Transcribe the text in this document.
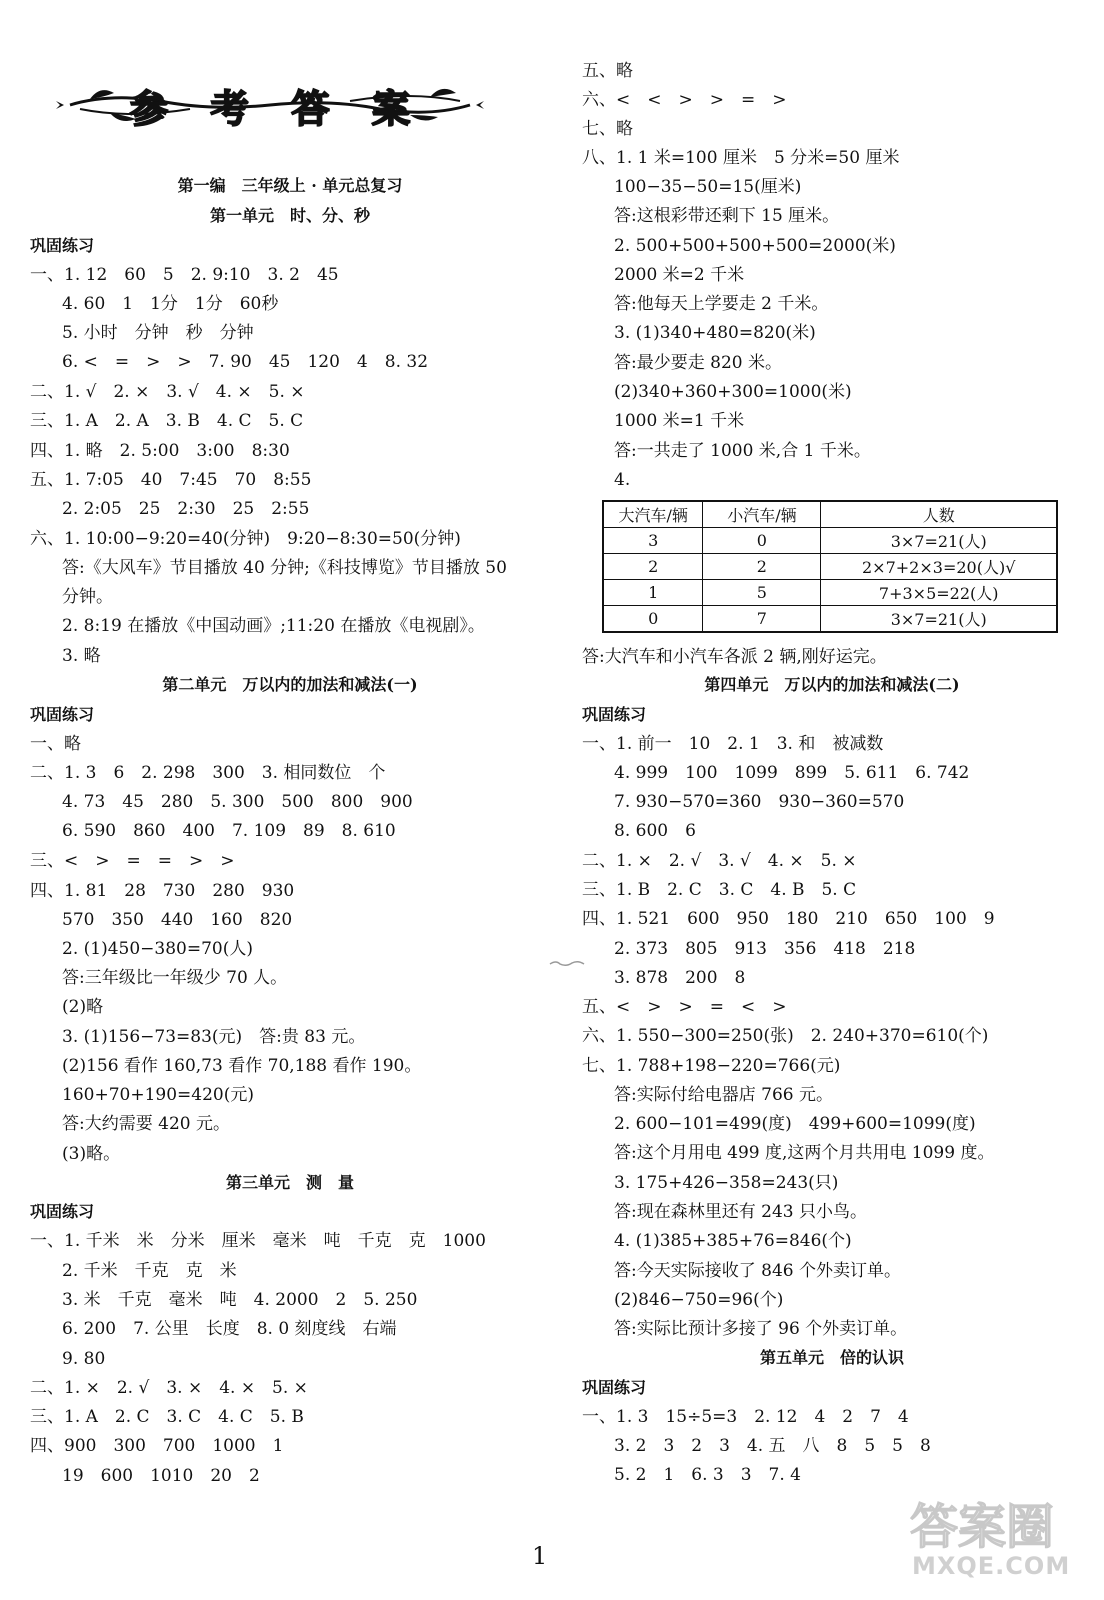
参 考 答 案
第一编　三年级上 · 单元总复习
第一单元　时、分、秒
巩固练习
一、1. 12　60　5　2. 9:10　3. 2　45
4. 60　1　1分　1分　60秒
5. 小时　分钟　秒　分钟
6. <　=　>　>　7. 90　45　120　4　8. 32
二、1. √　2. ×　3. √　4. ×　5. ×
三、1. A　2. A　3. B　4. C　5. C
四、1. 略　2. 5:00　3:00　8:30
五、1. 7:05　40　7:45　70　8:55
2. 2:05　25　2:30　25　2:55
六、1. 10:00−9:20=40(分钟)　9:20−8:30=50(分钟)
答:《大风车》节目播放 40 分钟;《科技博览》节目播放 50
分钟。
2. 8:19 在播放《中国动画》;11:20 在播放《电视剧》。
3. 略
第二单元　万以内的加法和减法(一)
巩固练习
一、略
二、1. 3　6　2. 298　300　3. 相同数位　个
4. 73　45　280　5. 300　500　800　900
6. 590　860　400　7. 109　89　8. 610
三、<　>　=　=　>　>
四、1. 81　28　730　280　930
570　350　440　160　820
2. (1)450−380=70(人)
答:三年级比一年级少 70 人。
(2)略
3. (1)156−73=83(元)　答:贵 83 元。
(2)156 看作 160,73 看作 70,188 看作 190。
160+70+190=420(元)
答:大约需要 420 元。
(3)略。
第三单元　测　量
巩固练习
一、1. 千米　米　分米　厘米　毫米　吨　千克　克　1000
2. 千米　千克　克　米
3. 米　千克　毫米　吨　4. 2000　2　5. 250
6. 200　7. 公里　长度　8. 0 刻度线　右端
9. 80
二、1. ×　2. √　3. ×　4. ×　5. ×
三、1. A　2. C　3. C　4. C　5. B
四、900　300　700　1000　1
19　600　1010　20　2
五、略
六、<　<　>　>　=　>
七、略
八、1. 1 米=100 厘米　5 分米=50 厘米
100−35−50=15(厘米)
答:这根彩带还剩下 15 厘米。
2. 500+500+500+500=2000(米)
2000 米=2 千米
答:他每天上学要走 2 千米。
3. (1)340+480=820(米)
答:最少要走 820 米。
(2)340+360+300=1000(米)
1000 米=1 千米
答:一共走了 1000 米,合 1 千米。
4.
大汽车/辆	小汽车/辆	人数
3	0	3×7=21(人)
2	2	2×7+2×3=20(人)√
1	5	7+3×5=22(人)
0	7	3×7=21(人)
答:大汽车和小汽车各派 2 辆,刚好运完。
第四单元　万以内的加法和减法(二)
巩固练习
一、1. 前一　10　2. 1　3. 和　被减数
4. 999　100　1099　899　5. 611　6. 742
7. 930−570=360　930−360=570
8. 600　6
二、1. ×　2. √　3. √　4. ×　5. ×
三、1. B　2. C　3. C　4. B　5. C
四、1. 521　600　950　180　210　650　100　9
2. 373　805　913　356　418　218
3. 878　200　8
五、<　>　>　=　<　>
六、1. 550−300=250(张)　2. 240+370=610(个)
七、1. 788+198−220=766(元)
答:实际付给电器店 766 元。
2. 600−101=499(度)　499+600=1099(度)
答:这个月用电 499 度,这两个月共用电 1099 度。
3. 175+426−358=243(只)
答:现在森林里还有 243 只小鸟。
4. (1)385+385+76=846(个)
答:今天实际接收了 846 个外卖订单。
(2)846−750=96(个)
答:实际比预计多接了 96 个外卖订单。
第五单元　倍的认识
巩固练习
一、1. 3　15÷5=3　2. 12　4　2　7　4
3. 2　3　2　3　4. 五　八　8　5　5　8
5. 2　1　6. 3　3　7. 4
1
答案圈
MXQE.COM
